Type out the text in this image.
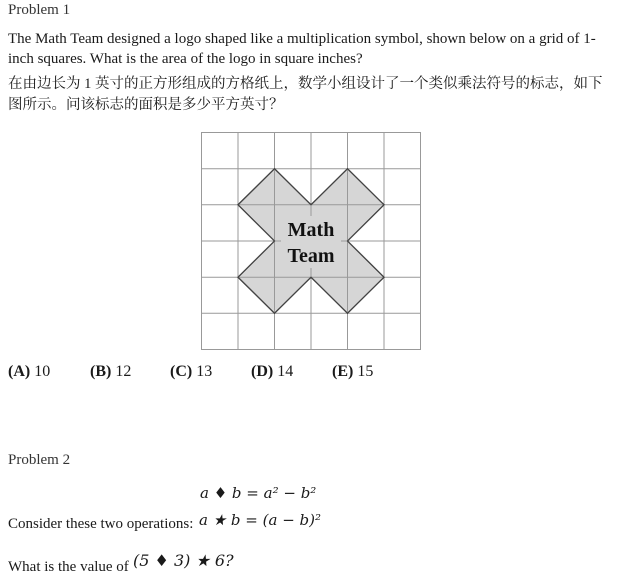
Problem 1
The Math Team designed a logo shaped like a multiplication symbol, shown below on a grid of 1-
inch squares. What is the area of the logo in square inches?
在由边长为 1 英寸的正方形组成的方格纸上，数学小组设计了一个类似乘法符号的标志，如下
图所示。问该标志的面积是多少平方英寸？
Math
Team
(A) 10 (B) 12 (C) 13 (D) 14 (E) 15
Problem 2
a ♦ b = a² − b²
Consider these two operations: a ★ b = (a − b)²
What is the value of (5 ♦ 3) ★ 6?
